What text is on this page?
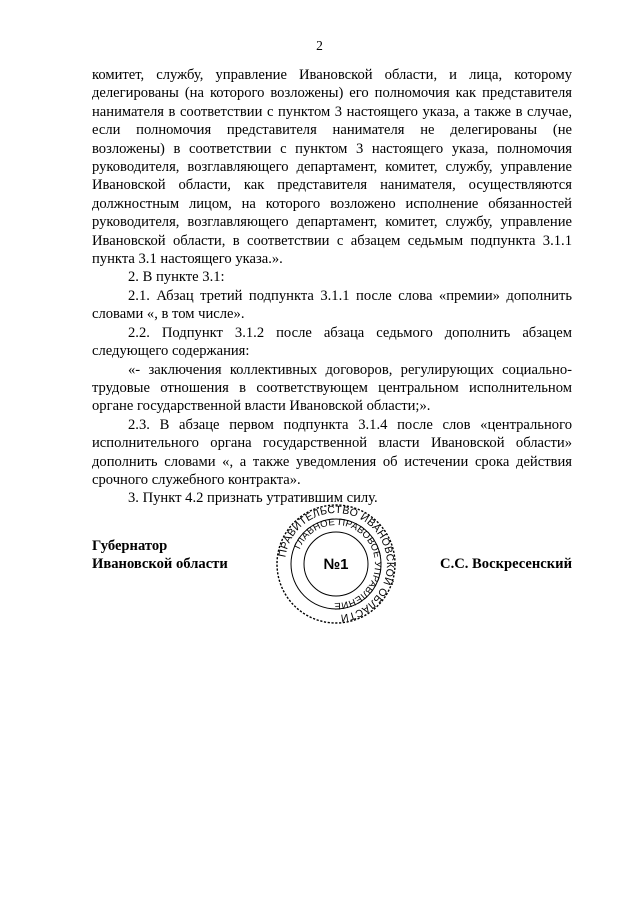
2

комитет, службу, управление Ивановской области, и лица, которому делегированы (на которого возложены) его полномочия как представителя нанимателя в соответствии с пунктом 3 настоящего указа, а также в случае, если полномочия представителя нанимателя не делегированы (не возложены) в соответствии с пунктом 3 настоящего указа, полномочия руководителя, возглавляющего департамент, комитет, службу, управление Ивановской области, как представителя нанимателя, осуществляются должностным лицом, на которого возложено исполнение обязанностей руководителя, возглавляющего департамент, комитет, службу, управление Ивановской области, в соответствии с абзацем седьмым подпункта 3.1.1 пункта 3.1 настоящего указа.».

2. В пункте 3.1:

2.1. Абзац третий подпункта 3.1.1 после слова «премии» дополнить словами «, в том числе».

2.2. Подпункт 3.1.2 после абзаца седьмого дополнить абзацем следующего содержания:

«- заключения коллективных договоров, регулирующих социально-трудовые отношения в соответствующем центральном исполнительном органе государственной власти Ивановской области;».

2.3. В абзаце первом подпункта 3.1.4 после слов «центрального исполнительного органа государственной власти Ивановской области» дополнить словами «, а также уведомления об истечении срока действия срочного служебного контракта».

3. Пункт 4.2 признать утратившим силу.

Губернатор
Ивановской области
ПРАВИТЕЛЬСТВО ИВАНОВСКОЙ ОБЛАСТИ
ГЛАВНОЕ ПРАВОВОЕ УПРАВЛЕНИЕ
№1	С.С. Воскресенский
